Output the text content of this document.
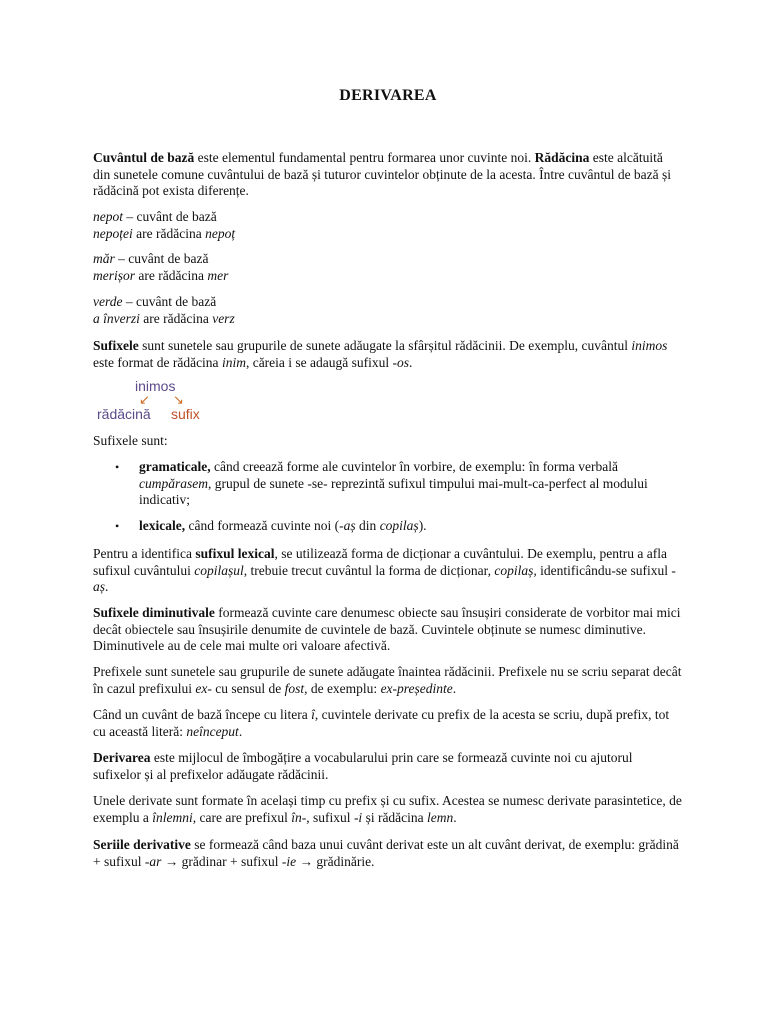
DERIVAREA

Cuvântul de bază este elementul fundamental pentru formarea unor cuvinte noi. Rădăcina este alcătuită din sunetele comune cuvântului de bază și tuturor cuvintelor obținute de la acesta. Între cuvântul de bază și rădăcină pot exista diferențe.

nepot – cuvânt de bază
nepoței are rădăcina nepoț

măr – cuvânt de bază
merișor are rădăcina mer

verde – cuvânt de bază
a înverzi are rădăcina verz

Sufixele sunt sunetele sau grupurile de sunete adăugate la sfârșitul rădăcinii. De exemplu, cuvântul inimos este format de rădăcina inim, căreia i se adaugă sufixul -os.

inimos
↙ ↘
rădăcină sufix

Sufixele sunt:

• gramaticale, când creează forme ale cuvintelor în vorbire, de exemplu: în forma verbală cumpărasem, grupul de sunete -se- reprezintă sufixul timpului mai-mult-ca-perfect al modului indicativ;
• lexicale, când formează cuvinte noi (-aș din copilaș).

Pentru a identifica sufixul lexical, se utilizează forma de dicționar a cuvântului. De exemplu, pentru a afla sufixul cuvântului copilașul, trebuie trecut cuvântul la forma de dicționar, copilaș, identificându-se sufixul -aș.

Sufixele diminutivale formează cuvinte care denumesc obiecte sau însușiri considerate de vorbitor mai mici decât obiectele sau însușirile denumite de cuvintele de bază. Cuvintele obținute se numesc diminutive. Diminutivele au de cele mai multe ori valoare afectivă.

Prefixele sunt sunetele sau grupurile de sunete adăugate înaintea rădăcinii. Prefixele nu se scriu separat decât în cazul prefixului ex- cu sensul de fost, de exemplu: ex-președinte.

Când un cuvânt de bază începe cu litera î, cuvintele derivate cu prefix de la acesta se scriu, după prefix, tot cu această literă: neînceput.

Derivarea este mijlocul de îmbogățire a vocabularului prin care se formează cuvinte noi cu ajutorul sufixelor și al prefixelor adăugate rădăcinii.

Unele derivate sunt formate în același timp cu prefix și cu sufix. Acestea se numesc derivate parasintetice, de exemplu a înlemni, care are prefixul în-, sufixul -i și rădăcina lemn.

Seriile derivative se formează când baza unui cuvânt derivat este un alt cuvânt derivat, de exemplu: grădină + sufixul -ar → grădinar + sufixul -ie → grădinărie.
